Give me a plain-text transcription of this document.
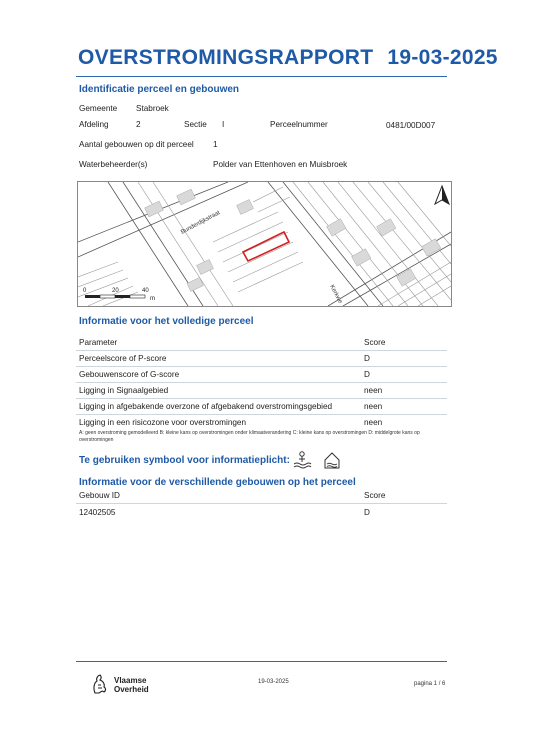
OVERSTROMINGSRAPPORT 19-03-2025
Identificatie perceel en gebouwen
Gemeente Stabroek
Afdeling	2	Sectie I	Perceelnummer	0481/00D007
Aantal gebouwen op dit perceel 1
Waterbeheerder(s)	Polder van Ettenhoven en Muisbroek
Bunderdijkstraat
Kerkwe
0	20	40
m
Informatie voor het volledige perceel
Parameter	Score
Perceelscore of P-score	D
Gebouwenscore of G-score	D
Ligging in Signaalgebied	neen
Ligging in afgebakende overzone of afgebakend overstromingsgebied	neen
Ligging in een risicozone voor overstromingen	neen
A: geen overstroming gemodelleerd B: kleine kans op overstromingen onder klimaatverandering C: kleine kans op overstromingen D: middelgrote kans op overstromingen
Te gebruiken symbool voor informatieplicht:
Informatie voor de verschillende gebouwen op het perceel
Gebouw ID	Score
12402505	D
Vlaamse
Overheid
19-03-2025	pagina 1 / 6
